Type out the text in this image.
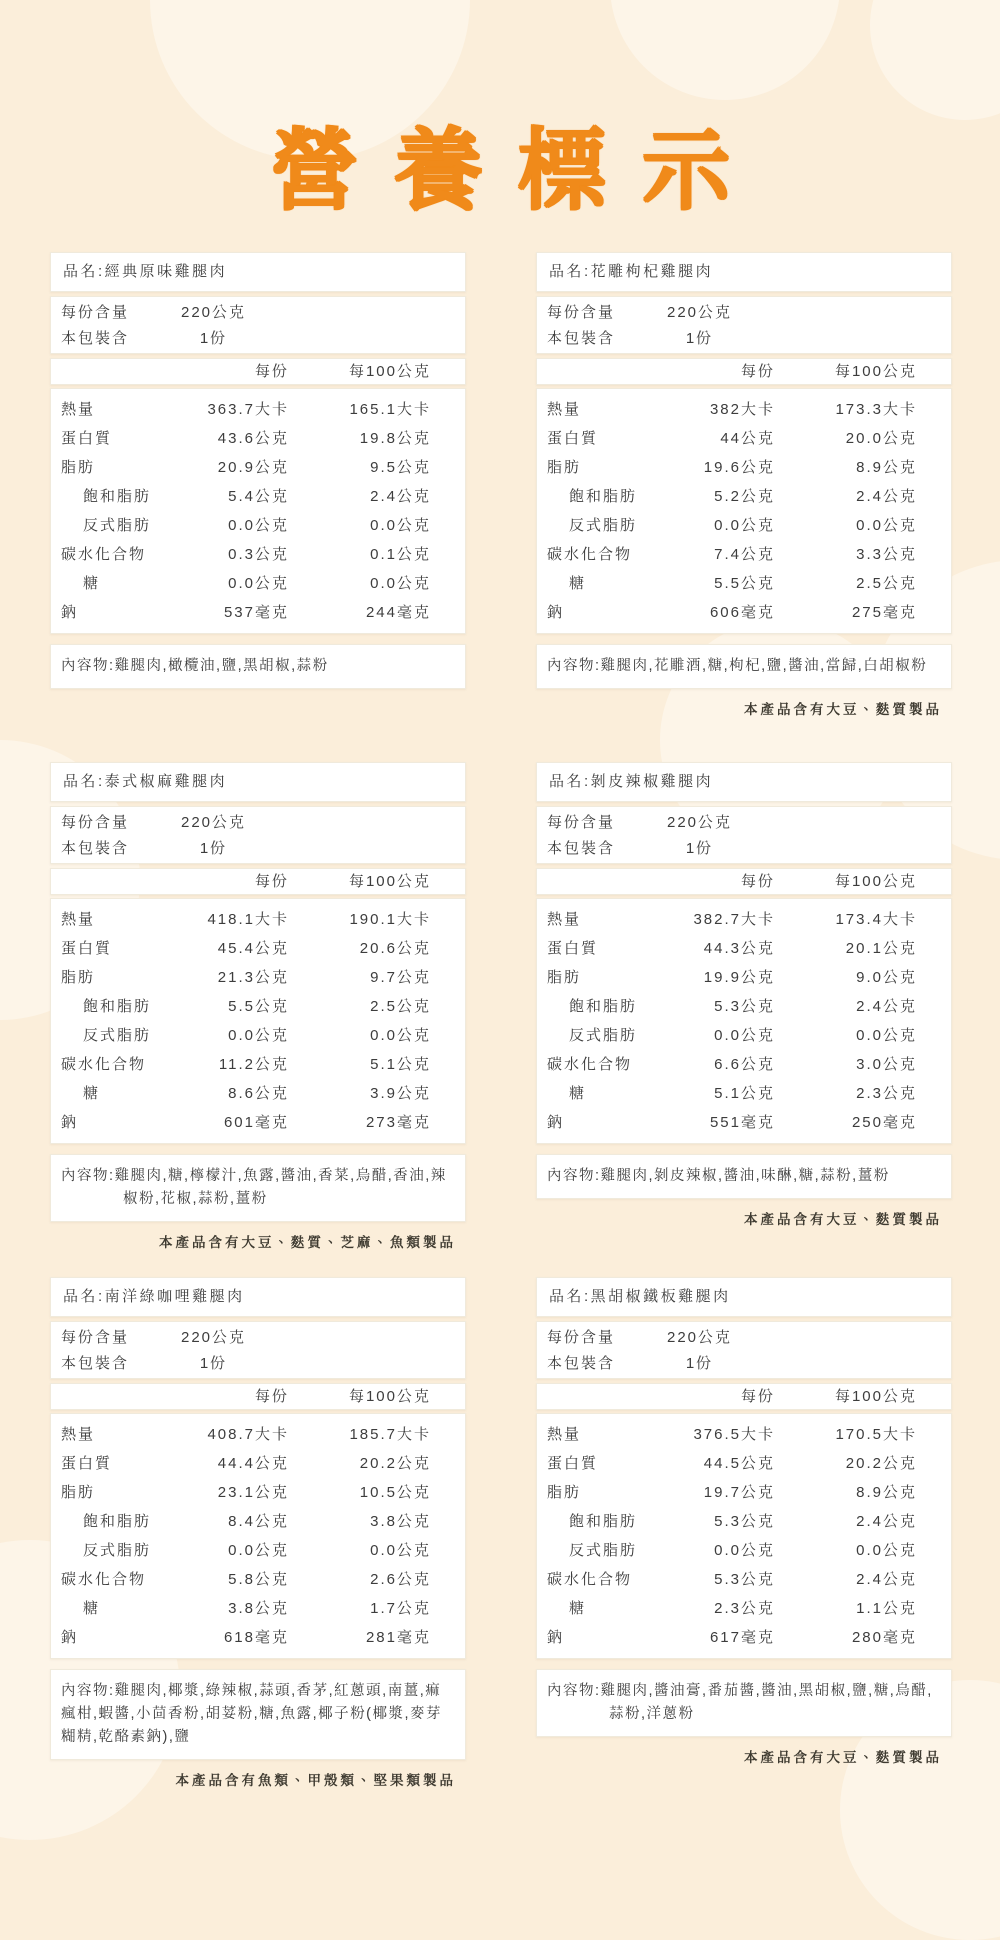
營養標示
品名:經典原味雞腿肉
每份含量	220公克
本包裝含	1份
每份	每100公克
熱量	363.7大卡	165.1大卡
蛋白質	43.6公克	19.8公克
脂肪	20.9公克	9.5公克
飽和脂肪	5.4公克	2.4公克
反式脂肪	0.0公克	0.0公克
碳水化合物	0.3公克	0.1公克
糖	0.0公克	0.0公克
鈉	537毫克	244毫克

內容物:雞腿肉,橄欖油,鹽,黑胡椒,蒜粉

品名:花雕枸杞雞腿肉
每份含量	220公克
本包裝含	1份
每份	每100公克
熱量	382大卡	173.3大卡
蛋白質	44公克	20.0公克
脂肪	19.6公克	8.9公克
飽和脂肪	5.2公克	2.4公克
反式脂肪	0.0公克	0.0公克
碳水化合物	7.4公克	3.3公克
糖	5.5公克	2.5公克
鈉	606毫克	275毫克

內容物:雞腿肉,花雕酒,糖,枸杞,鹽,醬油,當歸,白胡椒粉

本產品含有大豆、麩質製品
品名:泰式椒麻雞腿肉
每份含量	220公克
本包裝含	1份
每份	每100公克
熱量	418.1大卡	190.1大卡
蛋白質	45.4公克	20.6公克
脂肪	21.3公克	9.7公克
飽和脂肪	5.5公克	2.5公克
反式脂肪	0.0公克	0.0公克
碳水化合物	11.2公克	5.1公克
糖	8.6公克	3.9公克
鈉	601毫克	273毫克

內容物:雞腿肉,糖,檸檬汁,魚露,醬油,香菜,烏醋,香油,辣椒粉,花椒,蒜粉,薑粉

本產品含有大豆、麩質、芝麻、魚類製品
品名:剝皮辣椒雞腿肉
每份含量	220公克
本包裝含	1份
每份	每100公克
熱量	382.7大卡	173.4大卡
蛋白質	44.3公克	20.1公克
脂肪	19.9公克	9.0公克
飽和脂肪	5.3公克	2.4公克
反式脂肪	0.0公克	0.0公克
碳水化合物	6.6公克	3.0公克
糖	5.1公克	2.3公克
鈉	551毫克	250毫克

內容物:雞腿肉,剝皮辣椒,醬油,味醂,糖,蒜粉,薑粉

本產品含有大豆、麩質製品
品名:南洋綠咖哩雞腿肉
每份含量	220公克
本包裝含	1份
每份	每100公克
熱量	408.7大卡	185.7大卡
蛋白質	44.4公克	20.2公克
脂肪	23.1公克	10.5公克
飽和脂肪	8.4公克	3.8公克
反式脂肪	0.0公克	0.0公克
碳水化合物	5.8公克	2.6公克
糖	3.8公克	1.7公克
鈉	618毫克	281毫克

內容物:雞腿肉,椰漿,綠辣椒,蒜頭,香茅,紅蔥頭,南薑,痲瘋柑,蝦醬,小茴香粉,胡荽粉,糖,魚露,椰子粉(椰漿,麥芽糊精,乾酪素鈉),鹽

本產品含有魚類、甲殼類、堅果類製品
品名:黑胡椒鐵板雞腿肉
每份含量	220公克
本包裝含	1份
每份	每100公克
熱量	376.5大卡	170.5大卡
蛋白質	44.5公克	20.2公克
脂肪	19.7公克	8.9公克
飽和脂肪	5.3公克	2.4公克
反式脂肪	0.0公克	0.0公克
碳水化合物	5.3公克	2.4公克
糖	2.3公克	1.1公克
鈉	617毫克	280毫克

內容物:雞腿肉,醬油膏,番茄醬,醬油,黑胡椒,鹽,糖,烏醋,蒜粉,洋蔥粉

本產品含有大豆、麩質製品
